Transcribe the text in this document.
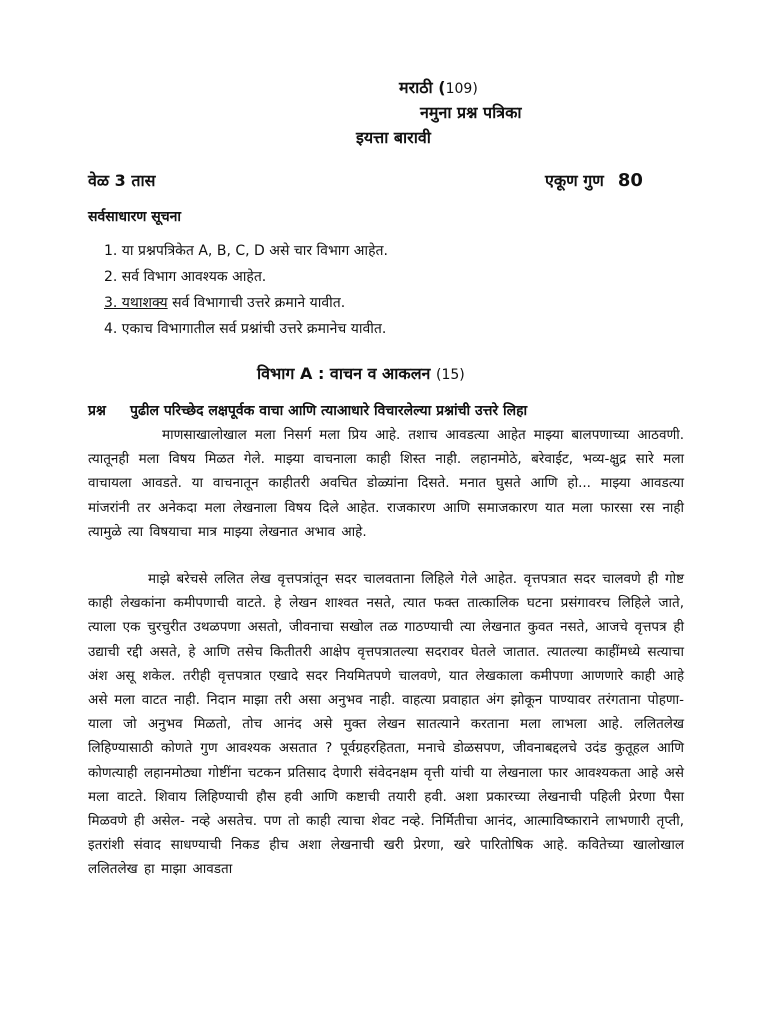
मराठी (109)
नमुना प्रश्न पत्रिका
इयत्ता बारावी
वेळ 3 तास	एकूण गुण 80
सर्वसाधारण सूचना
1. या प्रश्नपत्रिकेत A, B, C, D असे चार विभाग आहेत.
2. सर्व विभाग आवश्यक आहेत.
3. यथाशक्य सर्व विभागाची उत्तरे क्रमाने यावीत.
4. एकाच विभागातील सर्व प्रश्नांची उत्तरे क्रमानेच यावीत.
विभाग A : वाचन व आकलन (15)
प्रश्न पुढील परिच्छेद लक्षपूर्वक वाचा आणि त्याआधारे विचारलेल्या प्रश्नांची उत्तरे लिहा

माणसाखालोखाल मला निसर्ग मला प्रिय आहे. तशाच आवडत्या आहेत माझ्या बालपणाच्या आठवणी. त्यातूनही मला विषय मिळत गेले. माझ्या वाचनाला काही शिस्त नाही. लहानमोठे, बरेवाईट, भव्य-क्षुद्र सारे मला वाचायला आवडते. या वाचनातून काहीतरी अवचित डोळ्यांना दिसते. मनात घुसते आणि हो... माझ्या आवडत्या मांजरांनी तर अनेकदा मला लेखनाला विषय दिले आहेत. राजकारण आणि समाजकारण यात मला फारसा रस नाही त्यामुळे त्या विषयाचा मात्र माझ्या लेखनात अभाव आहे.

माझे बरेचसे ललित लेख वृत्तपत्रांतून सदर चालवताना लिहिले गेले आहेत. वृत्तपत्रात सदर चालवणे ही गोष्ट काही लेखकांना कमीपणाची वाटते. हे लेखन शाश्वत नसते, त्यात फक्त तात्कालिक घटना प्रसंगावरच लिहिले जाते, त्याला एक चुरचुरीत उथळपणा असतो, जीवनाचा सखोल तळ गाठण्याची त्या लेखनात कुवत नसते, आजचे वृत्तपत्र ही उद्याची रद्दी असते, हे आणि तसेच कितीतरी आक्षेप वृत्तपत्रातल्या सदरावर घेतले जातात. त्यातल्या काहींमध्ये सत्याचा अंश असू शकेल. तरीही वृत्तपत्रात एखादे सदर नियमितपणे चालवणे, यात लेखकाला कमीपणा आणणारे काही आहे असे मला वाटत नाही. निदान माझा तरी असा अनुभव नाही. वाहत्या प्रवाहात अंग झोकून पाण्यावर तरंगताना पोहणा-याला जो अनुभव मिळतो, तोच आनंद असे मुक्त लेखन सातत्याने करताना मला लाभला आहे. ललितलेख लिहिण्यासाठी कोणते गुण आवश्यक असतात ? पूर्वग्रहरहितता, मनाचे डोळसपण, जीवनाबद्दलचे उदंड कुतूहल आणि कोणत्याही लहानमोठ्या गोष्टींना चटकन प्रतिसाद देणारी संवेदनक्षम वृत्ती यांची या लेखनाला फार आवश्यकता आहे असे मला वाटते. शिवाय लिहिण्याची हौस हवी आणि कष्टाची तयारी हवी. अशा प्रकारच्या लेखनाची पहिली प्रेरणा पैसा मिळवणे ही असेल- नव्हे असतेच. पण तो काही त्याचा शेवट नव्हे. निर्मितीचा आनंद, आत्माविष्काराने लाभणारी तृप्ती, इतरांशी संवाद साधण्याची निकड हीच अशा लेखनाची खरी प्रेरणा, खरे पारितोषिक आहे. कवितेच्या खालोखाल ललितलेख हा माझा आवडता
